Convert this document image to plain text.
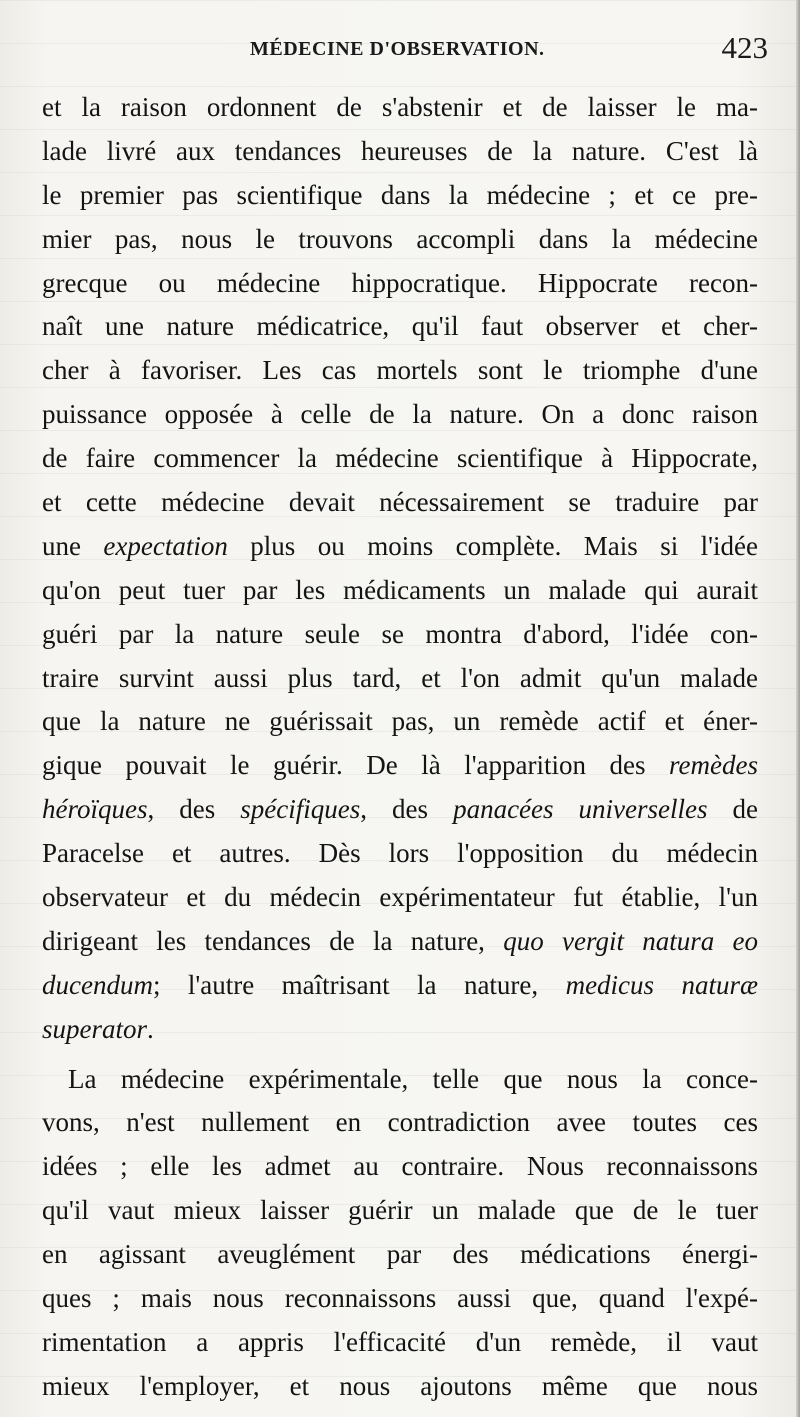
MÉDECINE D'OBSERVATION.	423
et la raison ordonnent de s'abstenir et de laisser le ma-
lade livré aux tendances heureuses de la nature. C'est là
le premier pas scientifique dans la médecine ; et ce pre-
mier pas, nous le trouvons accompli dans la médecine
grecque ou médecine hippocratique. Hippocrate recon-
naît une nature médicatrice, qu'il faut observer et cher-
cher à favoriser. Les cas mortels sont le triomphe d'une
puissance opposée à celle de la nature. On a donc raison
de faire commencer la médecine scientifique à Hippocrate,
et cette médecine devait nécessairement se traduire par
une expectation plus ou moins complète. Mais si l'idée
qu'on peut tuer par les médicaments un malade qui aurait
guéri par la nature seule se montra d'abord, l'idée con-
traire survint aussi plus tard, et l'on admit qu'un malade
que la nature ne guérissait pas, un remède actif et éner-
gique pouvait le guérir. De là l'apparition des remèdes
héroïques, des spécifiques, des panacées universelles de
Paracelse et autres. Dès lors l'opposition du médecin
observateur et du médecin expérimentateur fut établie, l'un
dirigeant les tendances de la nature, quo vergit natura eo
ducendum; l'autre maîtrisant la nature, medicus naturæ
superator.
La médecine expérimentale, telle que nous la conce-
vons, n'est nullement en contradiction avee toutes ces
idées ; elle les admet au contraire. Nous reconnaissons
qu'il vaut mieux laisser guérir un malade que de le tuer
en agissant aveuglément par des médications énergi-
ques ; mais nous reconnaissons aussi que, quand l'expé-
rimentation a appris l'efficacité d'un remède, il vaut
mieux l'employer, et nous ajoutons même que nous
